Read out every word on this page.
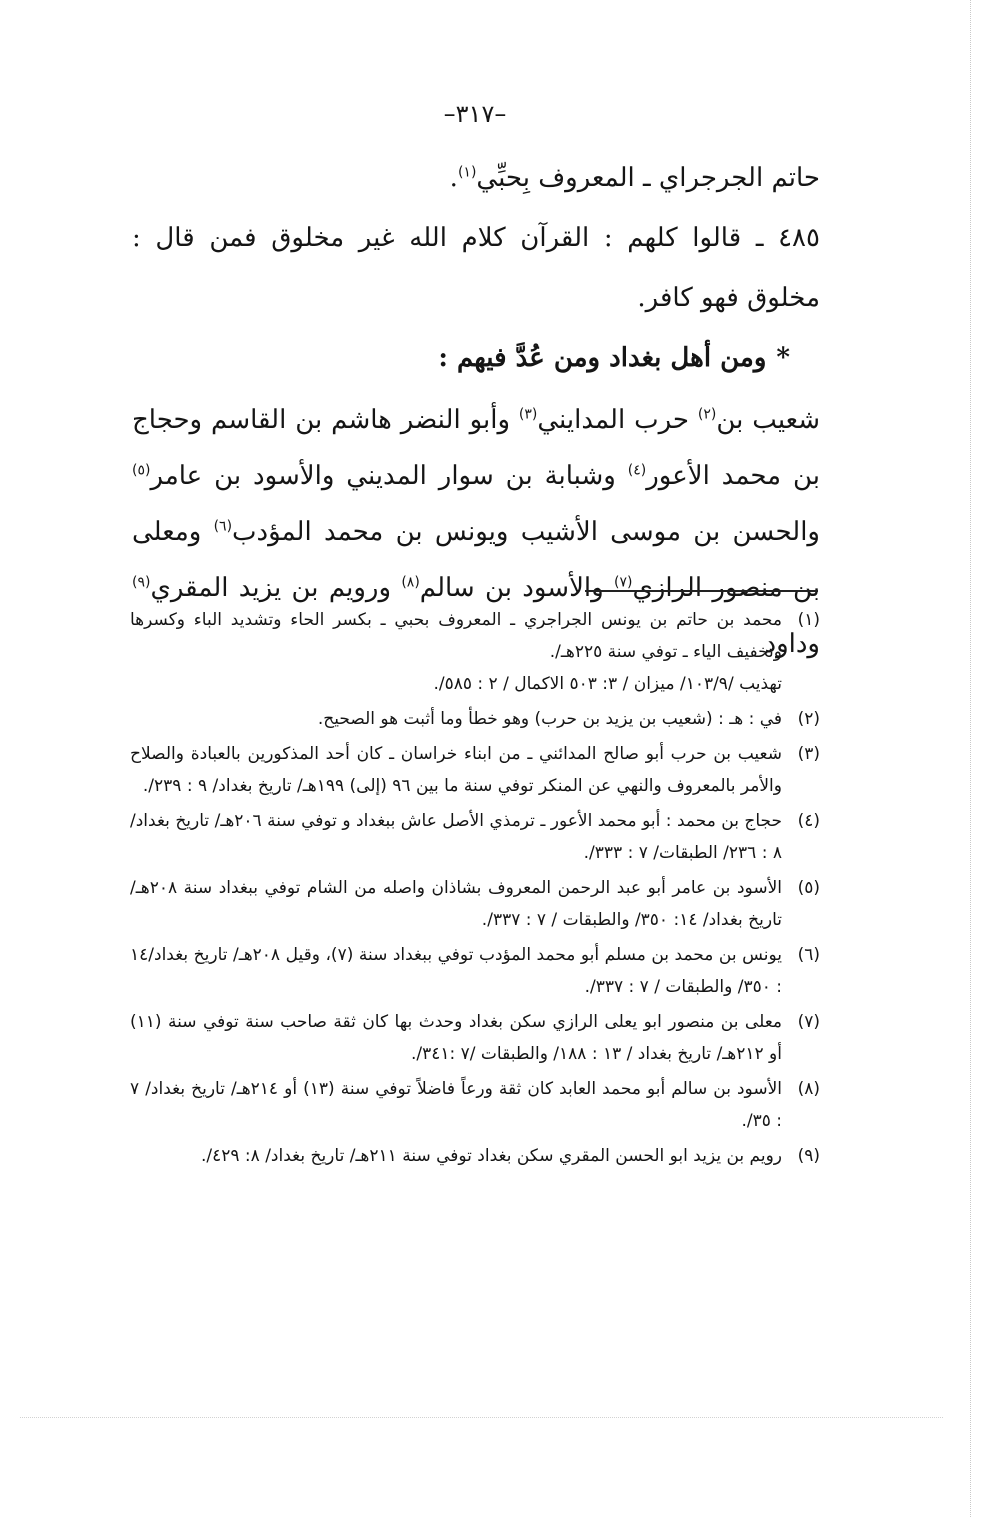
–٣١٧–

حاتم الجرجراي ـ المعروف بِحبِّي$^{(١)}$.

٤٨٥ ـ قالوا كلهم : القرآن كلام الله غير مخلوق فمن قال : مخلوق فهو كافر.

*ومن أهل بغداد ومن عُدَّ فيهم :

شعيب بن$^{(٢)}$ حرب المدايني$^{(٣)}$ وأبو النضر هاشم بن القاسم وحجاج بن محمد الأعور$^{(٤)}$ وشبابة بن سوار المديني والأسود بن عامر$^{(٥)}$ والحسن بن موسى الأشيب ويونس بن محمد المؤدب$^{(٦)}$ ومعلى بن منصور الرازي$^{(٧)}$ والأسود بن سالم$^{(٨)}$ ورويم بن يزيد المقري$^{(٩)}$ وداود

(١)
محمد بن حاتم بن يونس الجراجري ـ المعروف بحبي ـ بكسر الحاء وتشديد الباء وكسرها وتخفيف الياء ـ توفي سنة ٢٢٥هـ/.
تهذيب /١٠٣/٩/ ميزان / ٣: ٥٠٣ الاكمال / ٢ : ٥٨٥/.
(٢)
في : هـ : (شعيب بن يزيد بن حرب) وهو خطأ وما أثبت هو الصحيح.
(٣)
شعيب بن حرب أبو صالح المدائني ـ من ابناء خراسان ـ كان أحد المذكورين بالعبادة والصلاح والأمر بالمعروف والنهي عن المنكر توفي سنة ما بين ٩٦ (إلى) ١٩٩هـ/ تاريخ بغداد/ ٩ : ٢٣٩/.
(٤)
حجاج بن محمد : أبو محمد الأعور ـ ترمذي الأصل عاش ببغداد و توفي سنة ٢٠٦هـ/ تاريخ بغداد/ ٨ : ٢٣٦/ الطبقات/ ٧ : ٣٣٣/.
(٥)
الأسود بن عامر أبو عبد الرحمن المعروف بشاذان واصله من الشام توفي ببغداد سنة ٢٠٨هـ/ تاريخ بغداد/ ١٤: ٣٥٠/ والطبقات / ٧ : ٣٣٧/.
(٦)
يونس بن محمد بن مسلم أبو محمد المؤدب توفي ببغداد سنة (٧)، وقيل ٢٠٨هـ/ تاريخ بغداد/١٤ : ٣٥٠/ والطبقات / ٧ : ٣٣٧/.
(٧)
معلى بن منصور ابو يعلى الرازي سكن بغداد وحدث بها كان ثقة صاحب سنة توفي سنة (١١) أو ٢١٢هـ/ تاريخ بغداد / ١٣ : ١٨٨/ والطبقات /٧ :٣٤١/.
(٨)
الأسود بن سالم أبو محمد العابد كان ثقة ورعاً فاضلاً توفي سنة (١٣) أو ٢١٤هـ/ تاريخ بغداد/ ٧ : ٣٥/.
(٩)
رويم بن يزيد ابو الحسن المقري سكن بغداد توفي سنة ٢١١هـ/ تاريخ بغداد/ ٨: ٤٢٩/.
